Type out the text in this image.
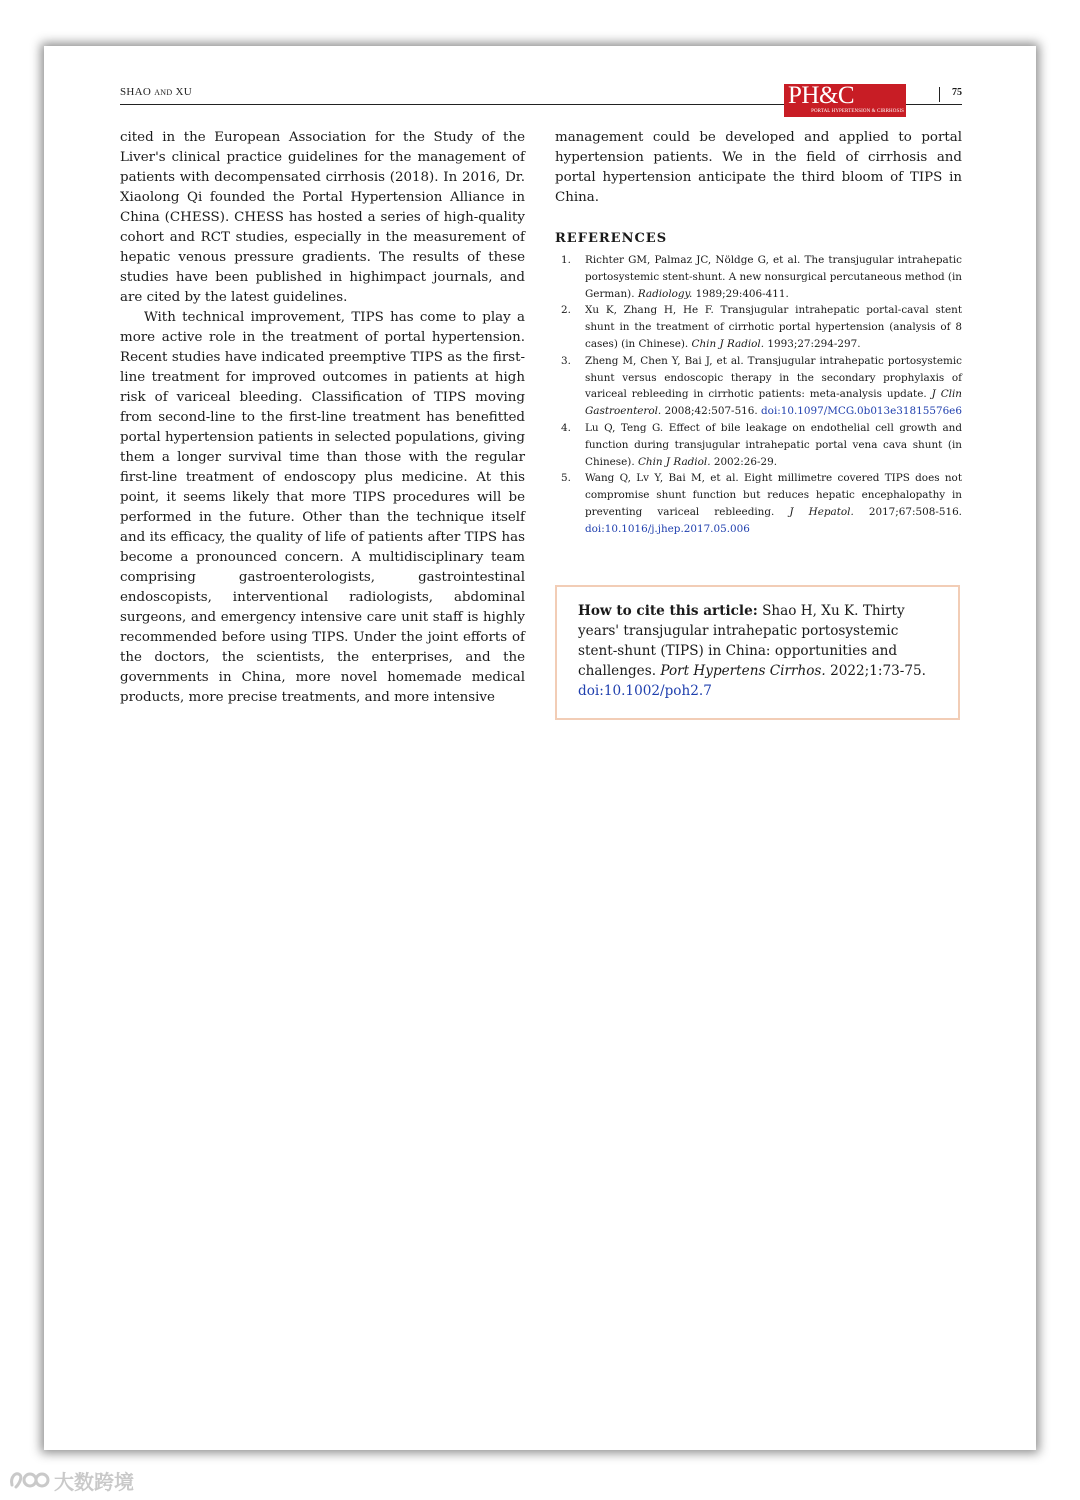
SHAO AND XU	PH&C
PORTAL HYPERTENSION & CIRRHOSIS
75

cited in the European Association for the Study of the Liver's clinical practice guidelines for the management of patients with decompensated cirrhosis (2018). In 2016, Dr. Xiaolong Qi founded the Portal Hypertension Alliance in China (CHESS). CHESS has hosted a series of high-quality cohort and RCT studies, especially in the measurement of hepatic venous pressure gradients. The results of these studies have been published in highimpact journals, and are cited by the latest guidelines.

With technical improvement, TIPS has come to play a more active role in the treatment of portal hypertension. Recent studies have indicated preemptive TIPS as the first-line treatment for improved outcomes in patients at high risk of variceal bleeding. Classification of TIPS moving from second-line to the first-line treatment has benefitted portal hypertension patients in selected populations, giving them a longer survival time than those with the regular first-line treatment of endoscopy plus medicine. At this point, it seems likely that more TIPS procedures will be performed in the future. Other than the technique itself and its efficacy, the quality of life of patients after TIPS has become a pronounced concern. A multidisciplinary team comprising gastroenterologists, gastrointestinal endoscopists, interventional radiologists, abdominal surgeons, and emergency intensive care unit staff is highly recommended before using TIPS. Under the joint efforts of the doctors, the scientists, the enterprises, and the governments in China, more novel homemade medical products, more precise treatments, and more intensive

management could be developed and applied to portal hypertension patients. We in the field of cirrhosis and portal hypertension anticipate the third bloom of TIPS in China.

REFERENCES
1. Richter GM, Palmaz JC, Nöldge G, et al. The transjugular intrahepatic portosystemic stent-shunt. A new nonsurgical percutaneous method (in German). Radiology. 1989;29:406-411.
2. Xu K, Zhang H, He F. Transjugular intrahepatic portal-caval stent shunt in the treatment of cirrhotic portal hypertension (analysis of 8 cases) (in Chinese). Chin J Radiol. 1993;27:294-297.
3. Zheng M, Chen Y, Bai J, et al. Transjugular intrahepatic portosystemic shunt versus endoscopic therapy in the secondary prophylaxis of variceal rebleeding in cirrhotic patients: meta-analysis update. J Clin Gastroenterol. 2008;42:507-516. doi:10.1097/MCG.0b013e31815576e6
4. Lu Q, Teng G. Effect of bile leakage on endothelial cell growth and function during transjugular intrahepatic portal vena cava shunt (in Chinese). Chin J Radiol. 2002:26-29.
5. Wang Q, Lv Y, Bai M, et al. Eight millimetre covered TIPS does not compromise shunt function but reduces hepatic encephalopathy in preventing variceal rebleeding. J Hepatol. 2017;67:508-516. doi:10.1016/j.jhep.2017.05.006
How to cite this article: Shao H, Xu K. Thirty years' transjugular intrahepatic portosystemic stent-shunt (TIPS) in China: opportunities and challenges. Port Hypertens Cirrhos. 2022;1:73-75. doi:10.1002/poh2.7
大数跨境
